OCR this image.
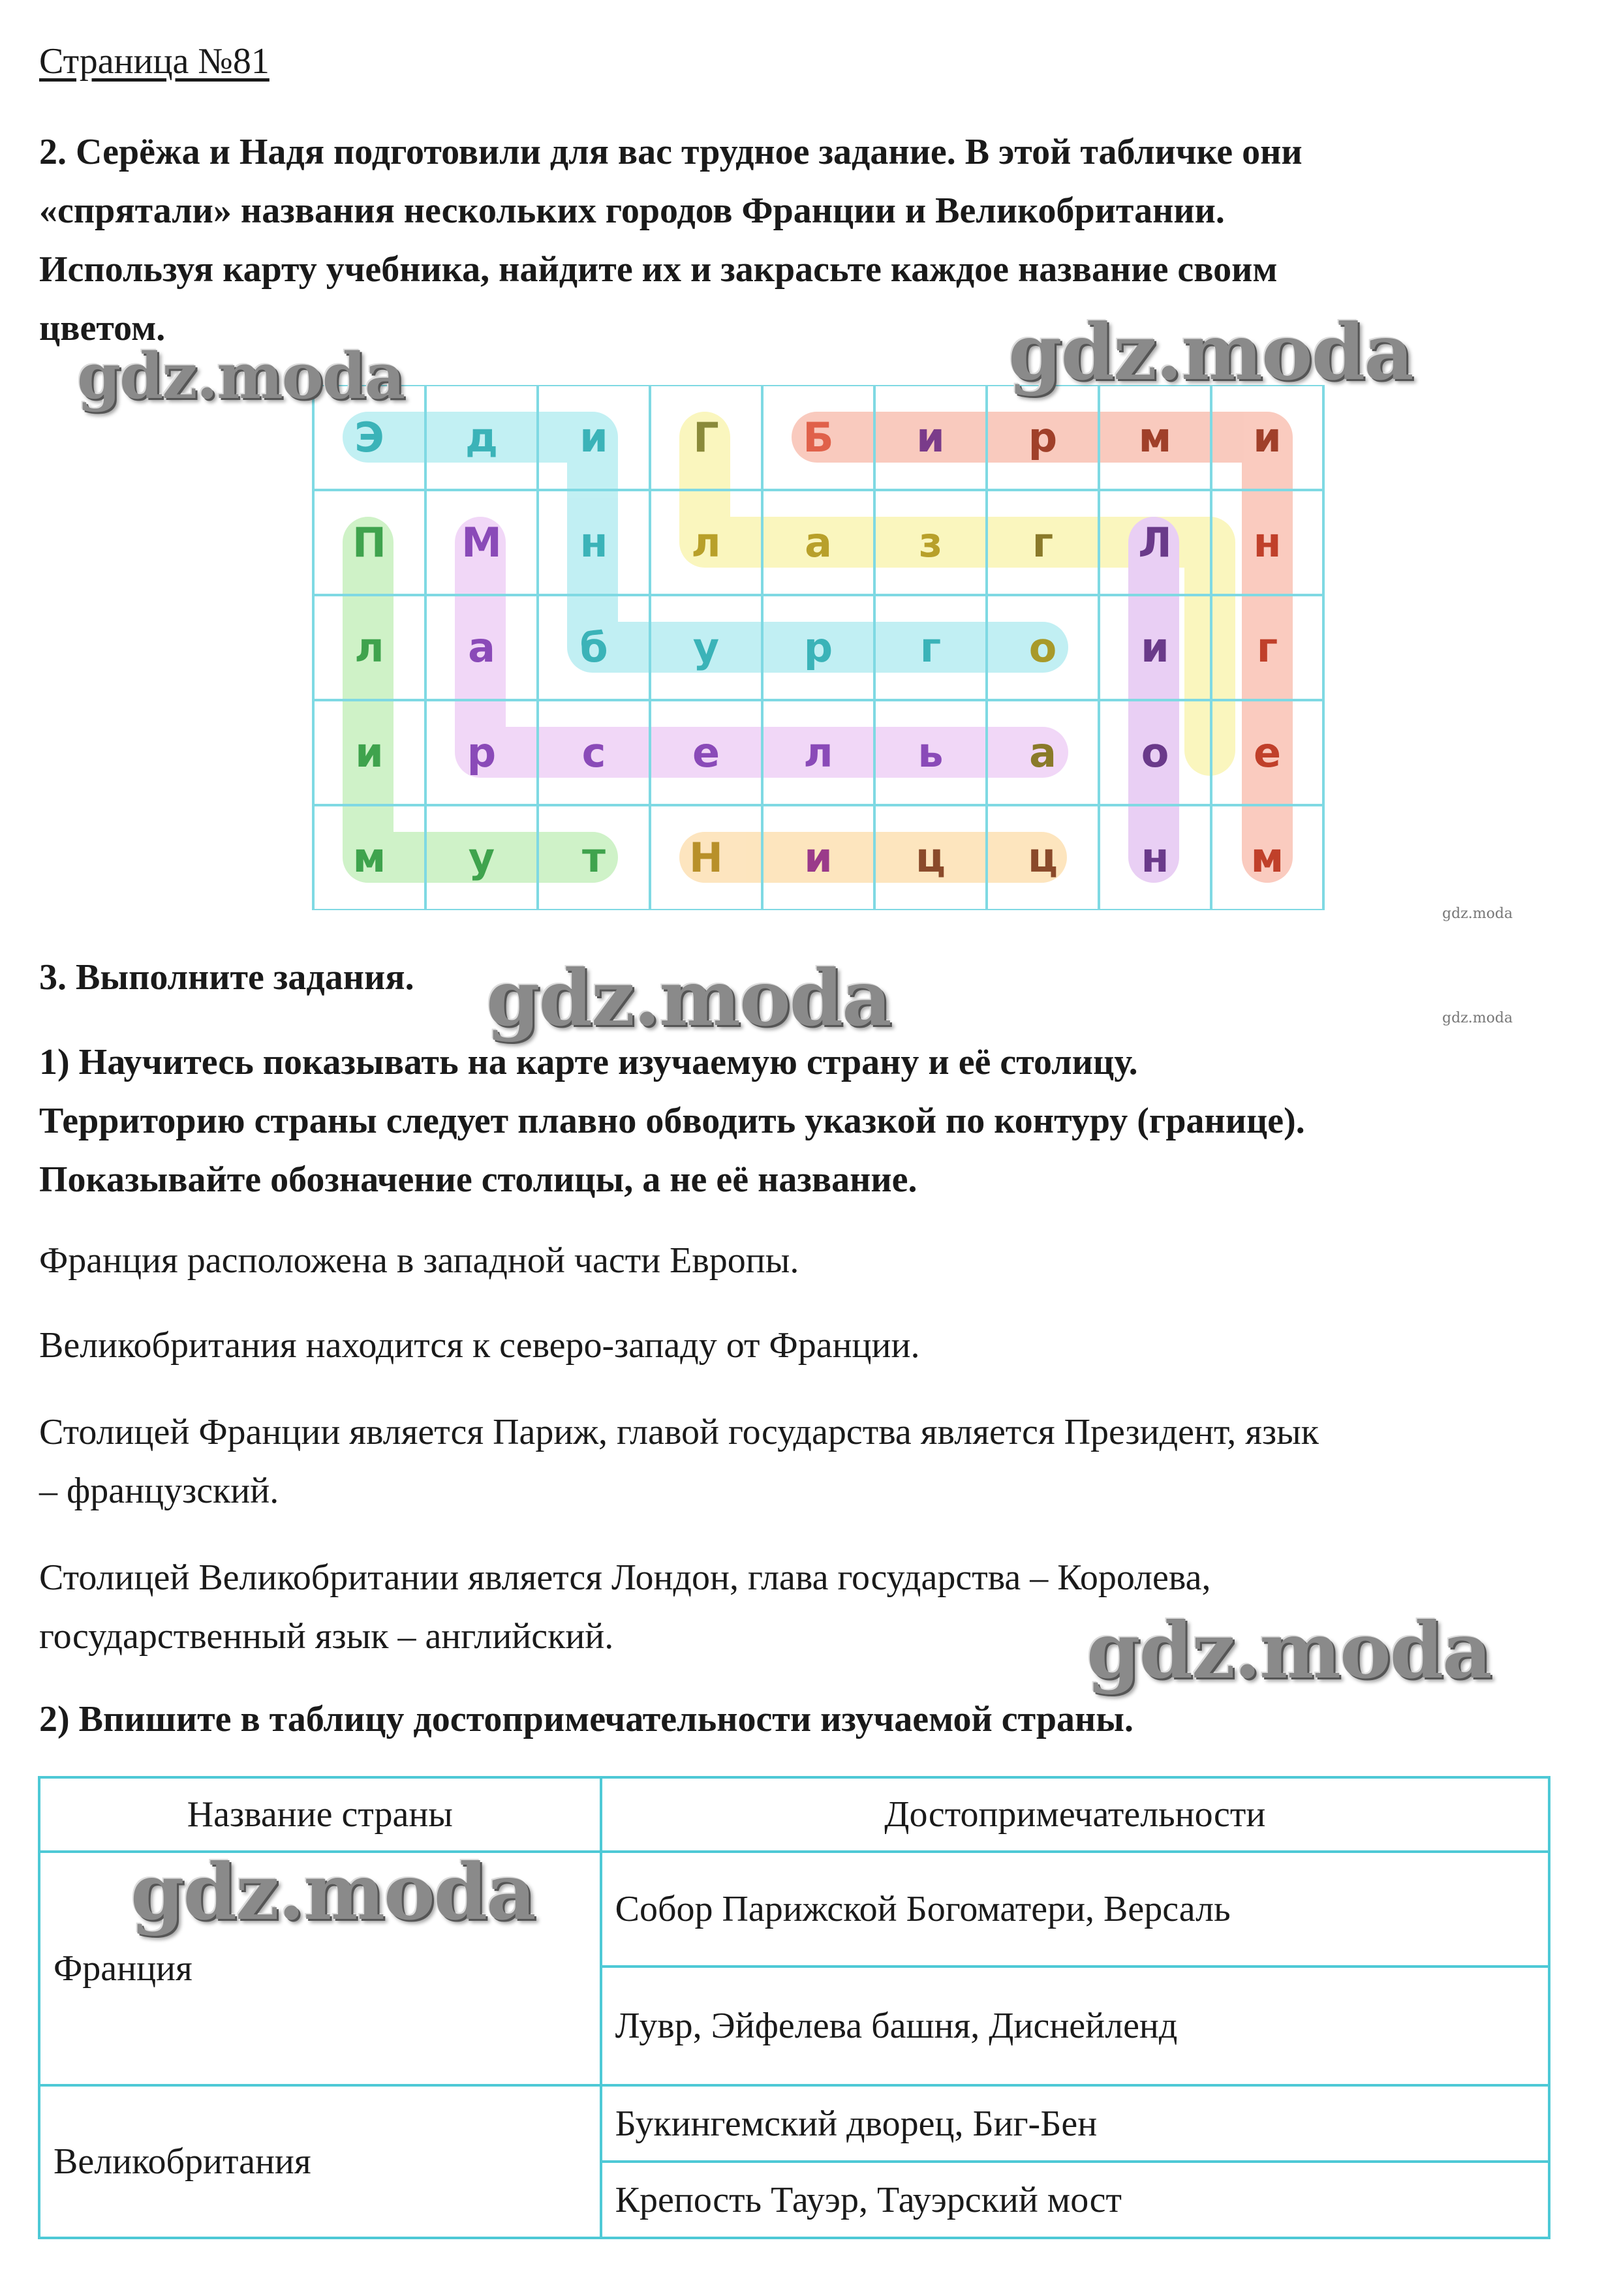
Страница №81
2. Серёжа и Надя подготовили для вас трудное задание. В этой табличке они
«спрятали» названия нескольких городов Франции и Великобритании.
Используя карту учебника, найдите их и закрасьте каждое название своим
цветом.
Э	д	и	Г	Б	и	р	м	и
П	М	н	л	а	з	г	Л	н
л	а	б	у	р	г	о	и	г
и	р	с	е	л	ь	а	о	е
м	у	т	Н	и	ц	ц	н	м
gdz.moda	gdz.moda
gdz.moda
gdz.moda
3. Выполните задания. gdz.moda
1) Научитесь показывать на карте изучаемую страну и её столицу.
Территорию страны следует плавно обводить указкой по контуру (границе).
Показывайте обозначение столицы, а не её название.
Франция расположена в западной части Европы.
Великобритания находится к северо-западу от Франции.
Столицей Франции является Париж, главой государства является Президент, язык
– французский.
Столицей Великобритании является Лондон, глава государства – Королева,
государственный язык – английский.	gdz.moda
2) Впишите в таблицу достопримечательности изучаемой страны.
Название страны	Достопримечательности
Франция	Собор Парижской Богоматери, Версаль
	Лувр, Эйфелева башня, Диснейленд
Великобритания	Букингемский дворец, Биг-Бен
	Крепость Тауэр, Тауэрский мост
gdz.moda
